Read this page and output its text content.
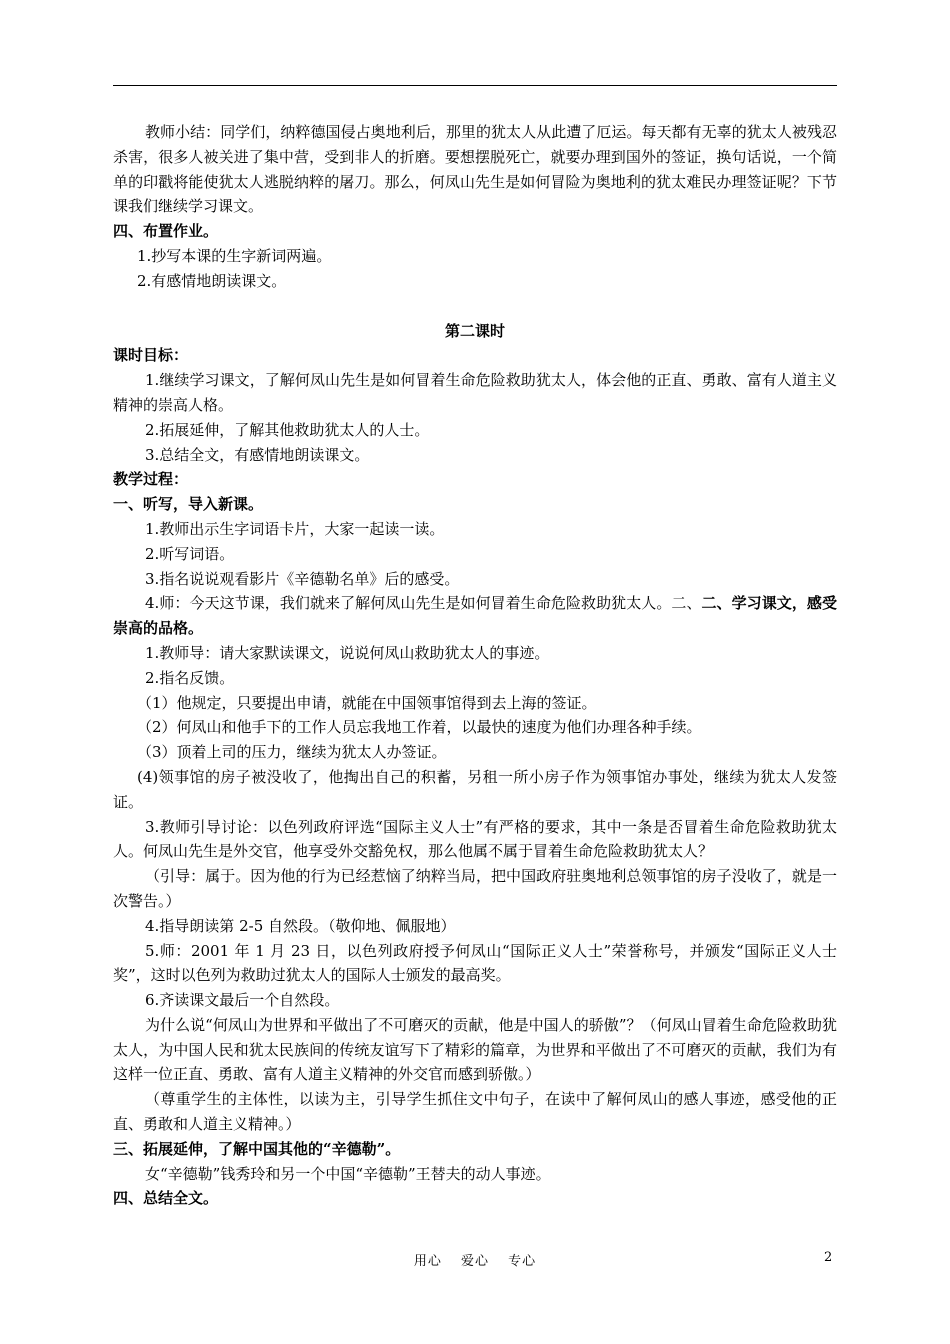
教师小结：同学们，纳粹德国侵占奥地利后，那里的犹太人从此遭了厄运。每天都有无辜的犹太人被残忍杀害，很多人被关进了集中营，受到非人的折磨。要想摆脱死亡，就要办理到国外的签证，换句话说，一个简单的印戳将能使犹太人逃脱纳粹的屠刀。那么，何凤山先生是如何冒险为奥地利的犹太难民办理签证呢？下节课我们继续学习课文。

四、布置作业。

1.抄写本课的生字新词两遍。

2.有感情地朗读课文。

第二课时

课时目标：

1.继续学习课文，了解何凤山先生是如何冒着生命危险救助犹太人，体会他的正直、勇敢、富有人道主义精神的崇高人格。

2.拓展延伸，了解其他救助犹太人的人士。

3.总结全文，有感情地朗读课文。

教学过程：

一、听写，导入新课。

1.教师出示生字词语卡片，大家一起读一读。

2.听写词语。

3.指名说说观看影片《辛德勒名单》后的感受。

4.师：今天这节课，我们就来了解何凤山先生是如何冒着生命危险救助犹太人。二、二、学习课文，感受崇高的品格。

1.教师导：请大家默读课文，说说何凤山救助犹太人的事迹。

2.指名反馈。

（1）他规定，只要提出申请，就能在中国领事馆得到去上海的签证。

（2）何凤山和他手下的工作人员忘我地工作着，以最快的速度为他们办理各种手续。

（3）顶着上司的压力，继续为犹太人办签证。

(4)领事馆的房子被没收了，他掏出自己的积蓄，另租一所小房子作为领事馆办事处，继续为犹太人发签证。

3.教师引导讨论：以色列政府评选“国际主义人士”有严格的要求，其中一条是否冒着生命危险救助犹太人。何凤山先生是外交官，他享受外交豁免权，那么他属不属于冒着生命危险救助犹太人？

（引导：属于。因为他的行为已经惹恼了纳粹当局，把中国政府驻奥地利总领事馆的房子没收了，就是一次警告。）

4.指导朗读第 2-5 自然段。（敬仰地、佩服地）

5.师：2001 年 1 月 23 日，以色列政府授予何凤山“国际正义人士”荣誉称号，并颁发“国际正义人士奖”，这时以色列为救助过犹太人的国际人士颁发的最高奖。

6.齐读课文最后一个自然段。

为什么说“何凤山为世界和平做出了不可磨灭的贡献，他是中国人的骄傲”？（何凤山冒着生命危险救助犹太人，为中国人民和犹太民族间的传统友谊写下了精彩的篇章，为世界和平做出了不可磨灭的贡献，我们为有这样一位正直、勇敢、富有人道主义精神的外交官而感到骄傲。）

（尊重学生的主体性，以读为主，引导学生抓住文中句子，在读中了解何凤山的感人事迹，感受他的正直、勇敢和人道主义精神。）

三、拓展延伸，了解中国其他的“辛德勒”。

女“辛德勒”钱秀玲和另一个中国“辛德勒”王替夫的动人事迹。

四、总结全文。

用心 爱心 专心	2
